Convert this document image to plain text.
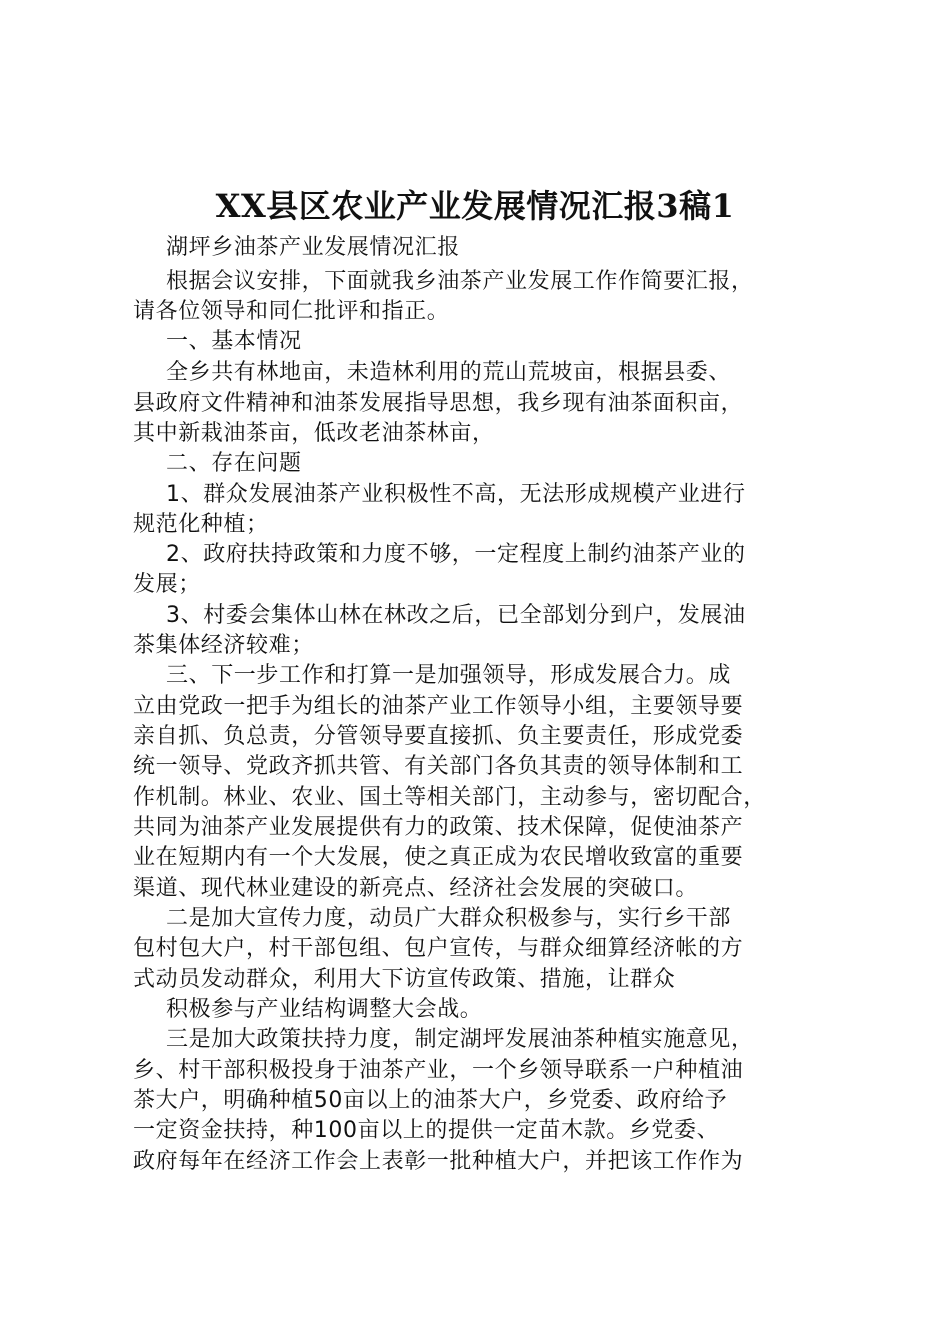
XX县区农业产业发展情况汇报3稿1
湖坪乡油茶产业发展情况汇报
根据会议安排，下面就我乡油茶产业发展工作作简要汇报，
请各位领导和同仁批评和指正。
一、基本情况
全乡共有林地亩，未造林利用的荒山荒坡亩，根据县委、
县政府文件精神和油茶发展指导思想，我乡现有油茶面积亩，
其中新栽油茶亩，低改老油茶林亩，
二、存在问题
1、群众发展油茶产业积极性不高，无法形成规模产业进行
规范化种植；
2、政府扶持政策和力度不够，一定程度上制约油茶产业的
发展；
3、村委会集体山林在林改之后，已全部划分到户，发展油
茶集体经济较难；
三、下一步工作和打算一是加强领导，形成发展合力。成
立由党政一把手为组长的油茶产业工作领导小组，主要领导要
亲自抓、负总责，分管领导要直接抓、负主要责任，形成党委
统一领导、党政齐抓共管、有关部门各负其责的领导体制和工
作机制。林业、农业、国土等相关部门，主动参与，密切配合，
共同为油茶产业发展提供有力的政策、技术保障，促使油茶产
业在短期内有一个大发展，使之真正成为农民增收致富的重要
渠道、现代林业建设的新亮点、经济社会发展的突破口。
二是加大宣传力度，动员广大群众积极参与，实行乡干部
包村包大户，村干部包组、包户宣传，与群众细算经济帐的方
式动员发动群众，利用大下访宣传政策、措施，让群众
积极参与产业结构调整大会战。
三是加大政策扶持力度，制定湖坪发展油茶种植实施意见，
乡、村干部积极投身于油茶产业，一个乡领导联系一户种植油
茶大户，明确种植50亩以上的油茶大户，乡党委、政府给予
一定资金扶持，种100亩以上的提供一定苗木款。乡党委、
政府每年在经济工作会上表彰一批种植大户，并把该工作作为
